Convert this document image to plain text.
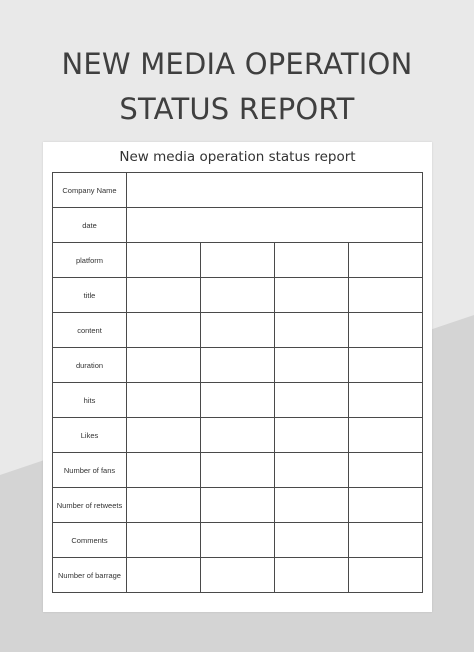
NEW MEDIA OPERATION
STATUS REPORT
New media operation status report
Company Name				
date				
platform				
title				
content				
duration				
hits				
Likes				
Number of fans				
Number of retweets				
Comments				
Number of barrage				
